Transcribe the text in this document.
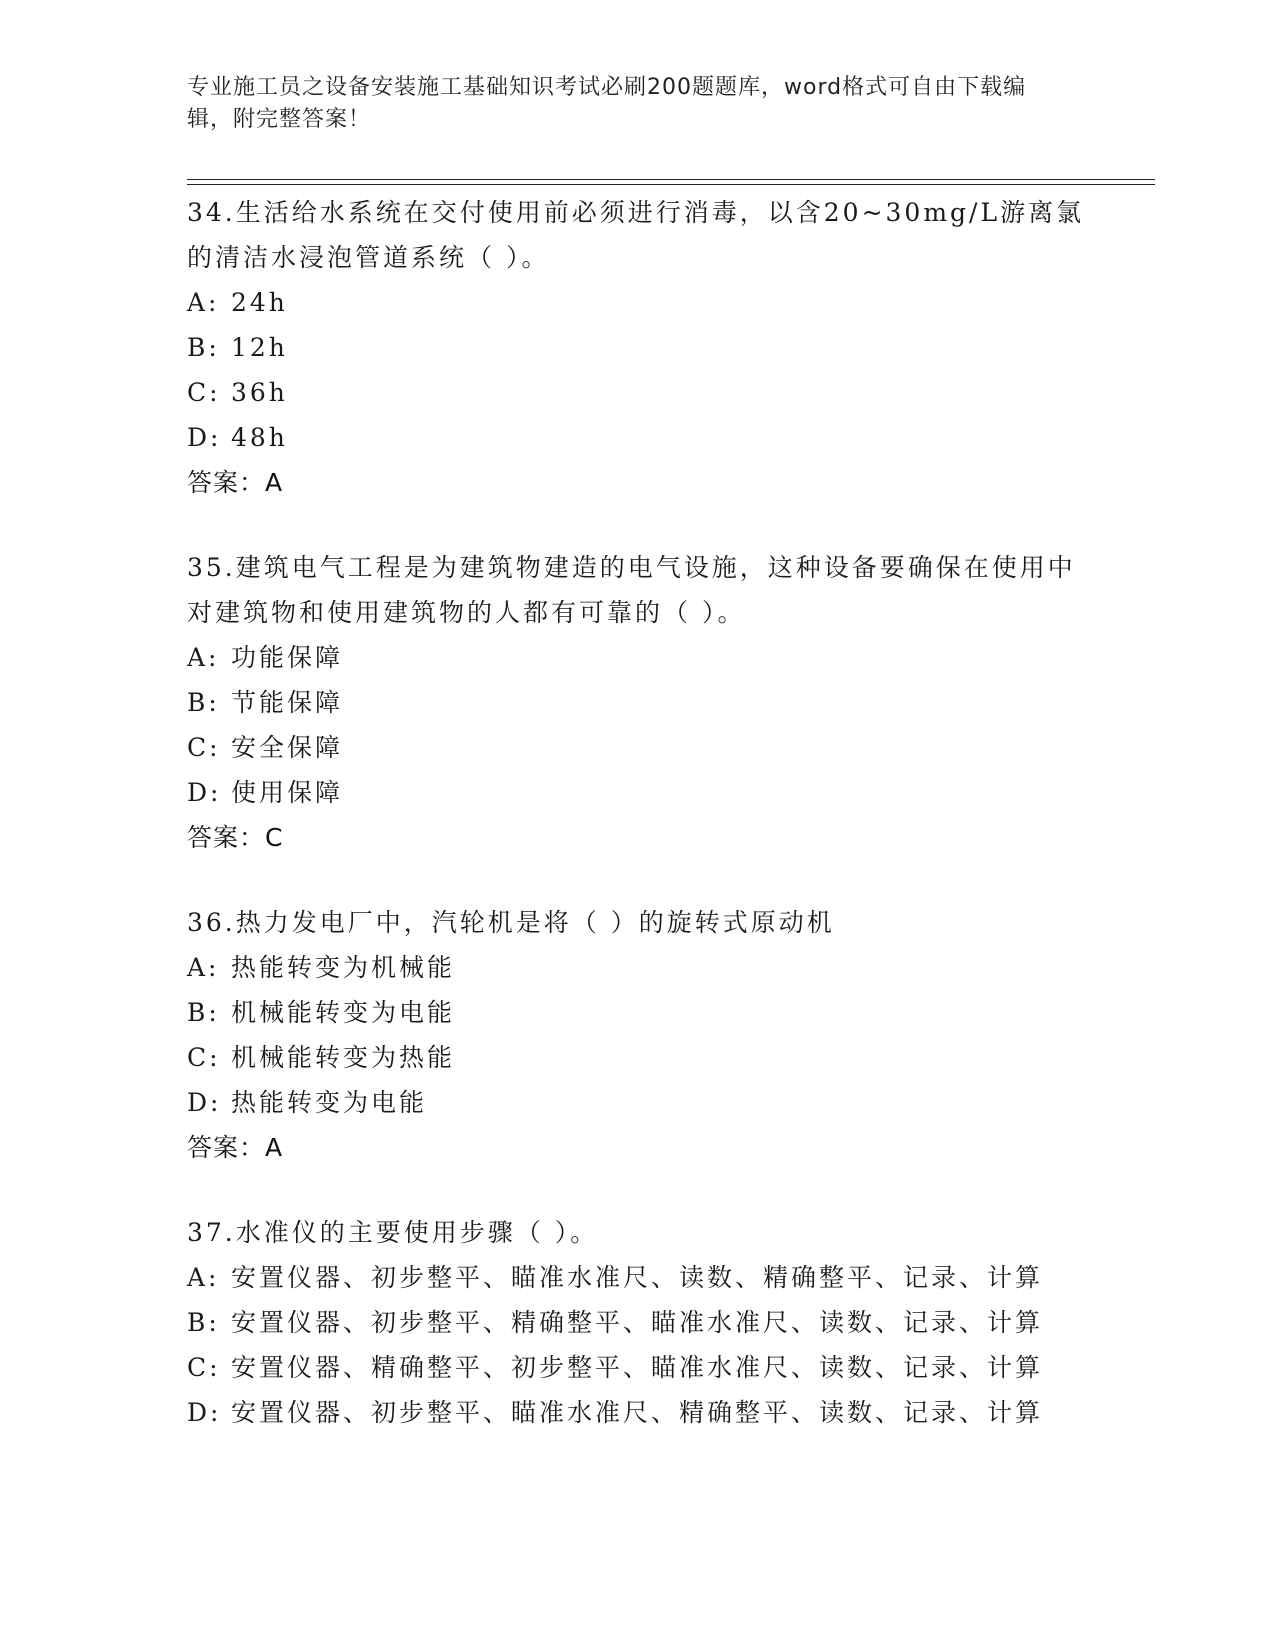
专业施工员之设备安装施工基础知识考试必刷200题题库，word格式可自由下载编辑，附完整答案！

34.生活给水系统在交付使用前必须进行消毒，以含20~30mg/L游离氯的清洁水浸泡管道系统（ ）。

A: 24h

B: 12h

C: 36h

D: 48h

答案：A

35.建筑电气工程是为建筑物建造的电气设施，这种设备要确保在使用中对建筑物和使用建筑物的人都有可靠的（ ）。

A: 功能保障

B: 节能保障

C: 安全保障

D: 使用保障

答案：C

36.热力发电厂中，汽轮机是将（ ）的旋转式原动机

A: 热能转变为机械能

B: 机械能转变为电能

C: 机械能转变为热能

D: 热能转变为电能

答案：A

37.水准仪的主要使用步骤（ ）。

A: 安置仪器、初步整平、瞄准水准尺、读数、精确整平、记录、计算

B: 安置仪器、初步整平、精确整平、瞄准水准尺、读数、记录、计算

C: 安置仪器、精确整平、初步整平、瞄准水准尺、读数、记录、计算

D: 安置仪器、初步整平、瞄准水准尺、精确整平、读数、记录、计算
